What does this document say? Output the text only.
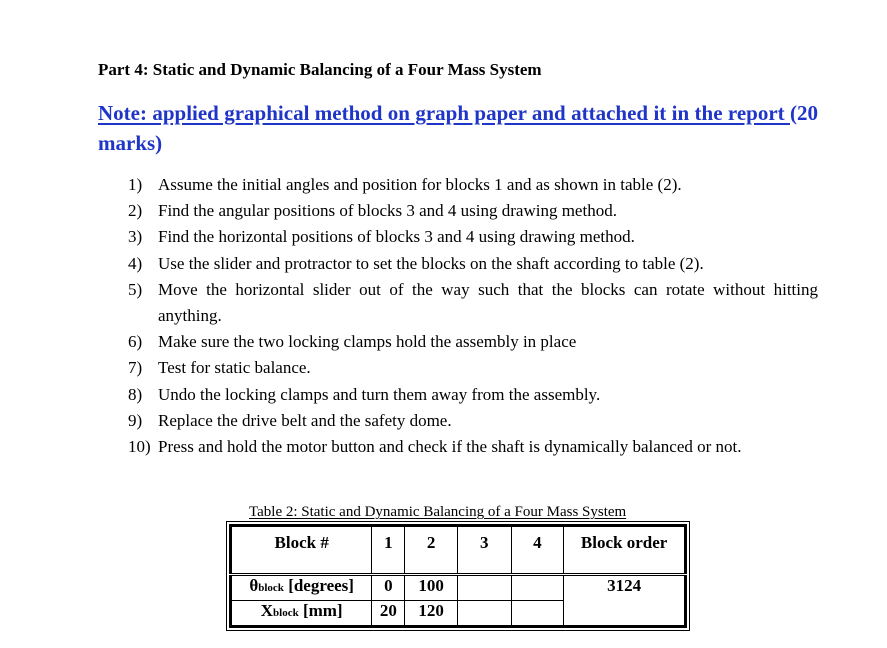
Part 4: Static and Dynamic Balancing of a Four Mass System
Note: applied graphical method on graph paper and attached it in the report (20 marks)
1) Assume the initial angles and position for blocks 1 and as shown in table (2).
2) Find the angular positions of blocks 3 and 4 using drawing method.
3) Find the horizontal positions of blocks 3 and 4 using drawing method.
4) Use the slider and protractor to set the blocks on the shaft according to table (2).
5) Move the horizontal slider out of the way such that the blocks can rotate without hitting anything.
6) Make sure the two locking clamps hold the assembly in place
7) Test for static balance.
8) Undo the locking clamps and turn them away from the assembly.
9) Replace the drive belt and the safety dome.
10) Press and hold the motor button and check if the shaft is dynamically balanced or not.
Table 2: Static and Dynamic Balancing of a Four Mass System
Block #	1	2	3	4	Block order
θblock [degrees]	0	100			3124
Xblock [mm]	20	120			
